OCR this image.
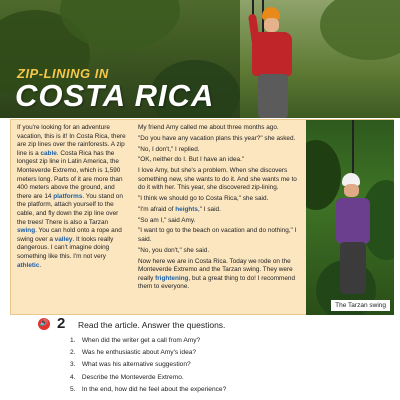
ZIP-LINING IN
COSTA RICA

If you're looking for an adventure vacation, this is it! In Costa Rica, there are zip lines over the rainforests. A zip line is a cable. Costa Rica has the longest zip line in Latin America, the Monteverde Extremo, which is 1,590 meters long. Parts of it are more than 400 meters above the ground, and there are 14 platforms. You stand on the platform, attach yourself to the cable, and fly down the zip line over the trees! There is also a Tarzan swing. You can hold onto a rope and swing over a valley. It looks really dangerous. I can't imagine doing something like this. I'm not very athletic.

My friend Amy called me about three months ago.

"Do you have any vacation plans this year?" she asked.

"No, I don't," I replied.

"OK, neither do I. But I have an idea."

I love Amy, but she's a problem. When she discovers something new, she wants to do it. And she wants me to do it with her. This year, she discovered zip-lining.

"I think we should go to Costa Rica," she said.

"I'm afraid of heights," I said.

"So am I," said Amy.

"I want to go to the beach on vacation and do nothing," I said.

"No, you don't," she said.

Now here we are in Costa Rica. Today we rode on the Monteverde Extremo and the Tarzan swing. They were really frightening, but a great thing to do! I recommend them to everyone.

The Tarzan swing
🔊 2 Read the article. Answer the questions.
1. When did the writer get a call from Amy?
2. Was he enthusiastic about Amy's idea?
3. What was his alternative suggestion?
4. Describe the Monteverde Extremo.
5. In the end, how did he feel about the experience?
